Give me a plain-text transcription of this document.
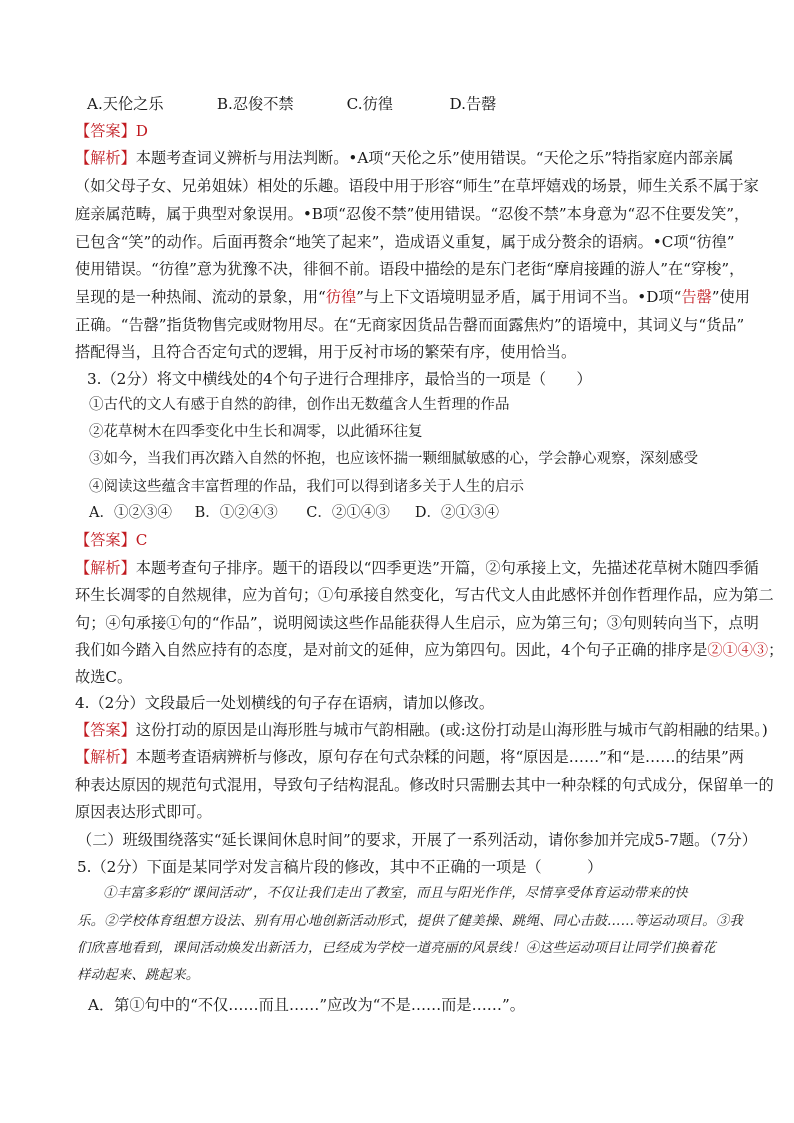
A.天伦之乐	B.忍俊不禁	C.彷徨	D.告罄
【答案】D
【解析】本题考查词义辨析与用法判断。•A项“天伦之乐”使用错误。“天伦之乐”特指家庭内部亲属
（如父母子女、兄弟姐妹）相处的乐趣。语段中用于形容“师生”在草坪嬉戏的场景，师生关系不属于家
庭亲属范畴，属于典型对象误用。•B项“忍俊不禁”使用错误。“忍俊不禁”本身意为“忍不住要发笑”，
已包含“笑”的动作。后面再赘余“地笑了起来”，造成语义重复，属于成分赘余的语病。•C项“彷徨”
使用错误。“彷徨”意为犹豫不决，徘徊不前。语段中描绘的是东门老街“摩肩接踵的游人”在“穿梭”，
呈现的是一种热闹、流动的景象，用“彷徨”与上下文语境明显矛盾，属于用词不当。•D项“告罄”使用
正确。“告罄”指货物售完或财物用尽。在“无商家因货品告罄而面露焦灼”的语境中，其词义与“货品”
搭配得当，且符合否定句式的逻辑，用于反衬市场的繁荣有序，使用恰当。
3.（2分）将文中横线处的4个句子进行合理排序，最恰当的一项是（　　）
①古代的文人有感于自然的韵律，创作出无数蕴含人生哲理的作品
②花草树木在四季变化中生长和凋零，以此循环往复
③如今，当我们再次踏入自然的怀抱，也应该怀揣一颗细腻敏感的心，学会静心观察，深刻感受
④阅读这些蕴含丰富哲理的作品，我们可以得到诸多关于人生的启示
A．①②③④ B．①②④③ C．②①④③ D．②①③④
【答案】C
【解析】本题考查句子排序。题干的语段以“四季更迭”开篇，②句承接上文，先描述花草树木随四季循
环生长凋零的自然规律，应为首句；①句承接自然变化，写古代文人由此感怀并创作哲理作品，应为第二
句；④句承接①句的“作品”，说明阅读这些作品能获得人生启示，应为第三句；③句则转向当下，点明
我们如今踏入自然应持有的态度，是对前文的延伸，应为第四句。因此，4个句子正确的排序是②①④③；
故选C。
4.（2分）文段最后一处划横线的句子存在语病，请加以修改。
【答案】这份打动的原因是山海形胜与城市气韵相融。(或:这份打动是山海形胜与城市气韵相融的结果。)
【解析】本题考查语病辨析与修改，原句存在句式杂糅的问题，将“原因是……”和“是……的结果”两
种表达原因的规范句式混用，导致句子结构混乱。修改时只需删去其中一种杂糅的句式成分，保留单一的
原因表达形式即可。
（二）班级围绕落实“延长课间休息时间”的要求，开展了一系列活动，请你参加并完成5-7题。（7分）
5.（2分）下面是某同学对发言稿片段的修改，其中不正确的一项是（　　　）
①丰富多彩的“课间活动”，不仅让我们走出了教室，而且与阳光作伴，尽情享受体育运动带来的快
乐。②学校体育组想方设法、别有用心地创新活动形式，提供了健美操、跳绳、同心击鼓……等运动项目。③我
们欣喜地看到，课间活动焕发出新活力，已经成为学校一道亮丽的风景线！④这些运动项目让同学们换着花
样动起来、跳起来。
A．第①句中的“不仅……而且……”应改为“不是……而是……”。
